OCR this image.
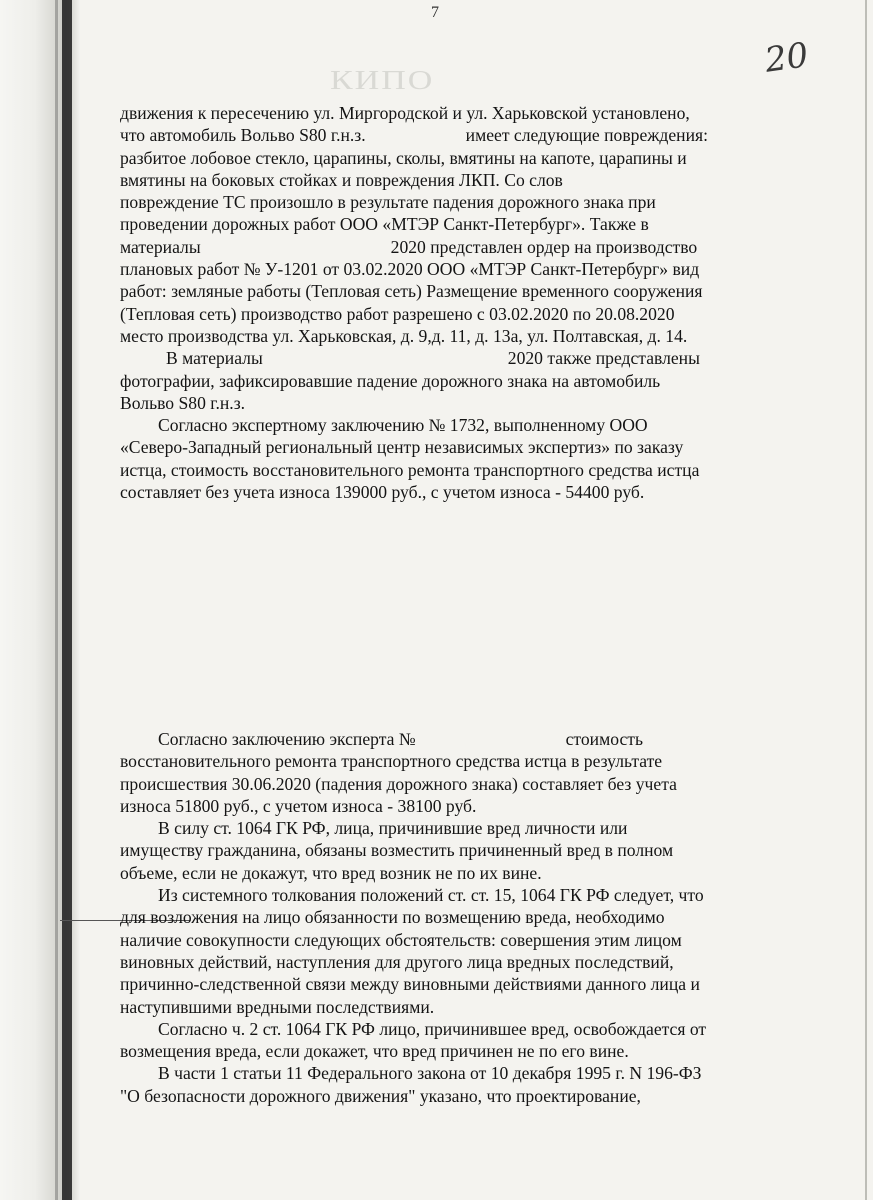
7
КИПО	20

движения к пересечению ул. Миргородской и ул. Харьковской установлено,
что автомобиль Вольво S80 г.н.з.	имеет следующие повреждения:
разбитое лобовое стекло, царапины, сколы, вмятины на капоте, царапины и
вмятины на боковых стойках и повреждения ЛКП. Со слов
повреждение ТС произошло в результате падения дорожного знака при
проведении дорожных работ ООО «МТЭР Санкт-Петербург». Также в
материалы	2020 представлен ордер на производство
плановых работ № У-1201 от 03.02.2020 ООО «МТЭР Санкт-Петербург» вид
работ: земляные работы (Тепловая сеть) Размещение временного сооружения
(Тепловая сеть) производство работ разрешено с 03.02.2020 по 20.08.2020
место производства ул. Харьковская, д. 9,д. 11, д. 13а, ул. Полтавская, д. 14.

В материалы	2020 также представлены
фотографии, зафиксировавшие падение дорожного знака на автомобиль
Вольво S80 г.н.з.

Согласно экспертному заключению № 1732, выполненному ООО
«Северо-Западный региональный центр независимых экспертиз» по заказу
истца, стоимость восстановительного ремонта транспортного средства истца
составляет без учета износа 139000 руб., с учетом износа - 54400 руб.

Согласно заключению эксперта №	стоимость
восстановительного ремонта транспортного средства истца в результате
происшествия 30.06.2020 (падения дорожного знака) составляет без учета
износа 51800 руб., с учетом износа - 38100 руб.

В силу ст. 1064 ГК РФ, лица, причинившие вред личности или
имуществу гражданина, обязаны возместить причиненный вред в полном
объеме, если не докажут, что вред возник не по их вине.

Из системного толкования положений ст. ст. 15, 1064 ГК РФ следует, что
для возложения на лицо обязанности по возмещению вреда, необходимо
наличие совокупности следующих обстоятельств: совершения этим лицом
виновных действий, наступления для другого лица вредных последствий,
причинно-следственной связи между виновными действиями данного лица и
наступившими вредными последствиями.

Согласно ч. 2 ст. 1064 ГК РФ лицо, причинившее вред, освобождается от
возмещения вреда, если докажет, что вред причинен не по его вине.

В части 1 статьи 11 Федерального закона от 10 декабря 1995 г. N 196-ФЗ
"О безопасности дорожного движения" указано, что проектирование,
